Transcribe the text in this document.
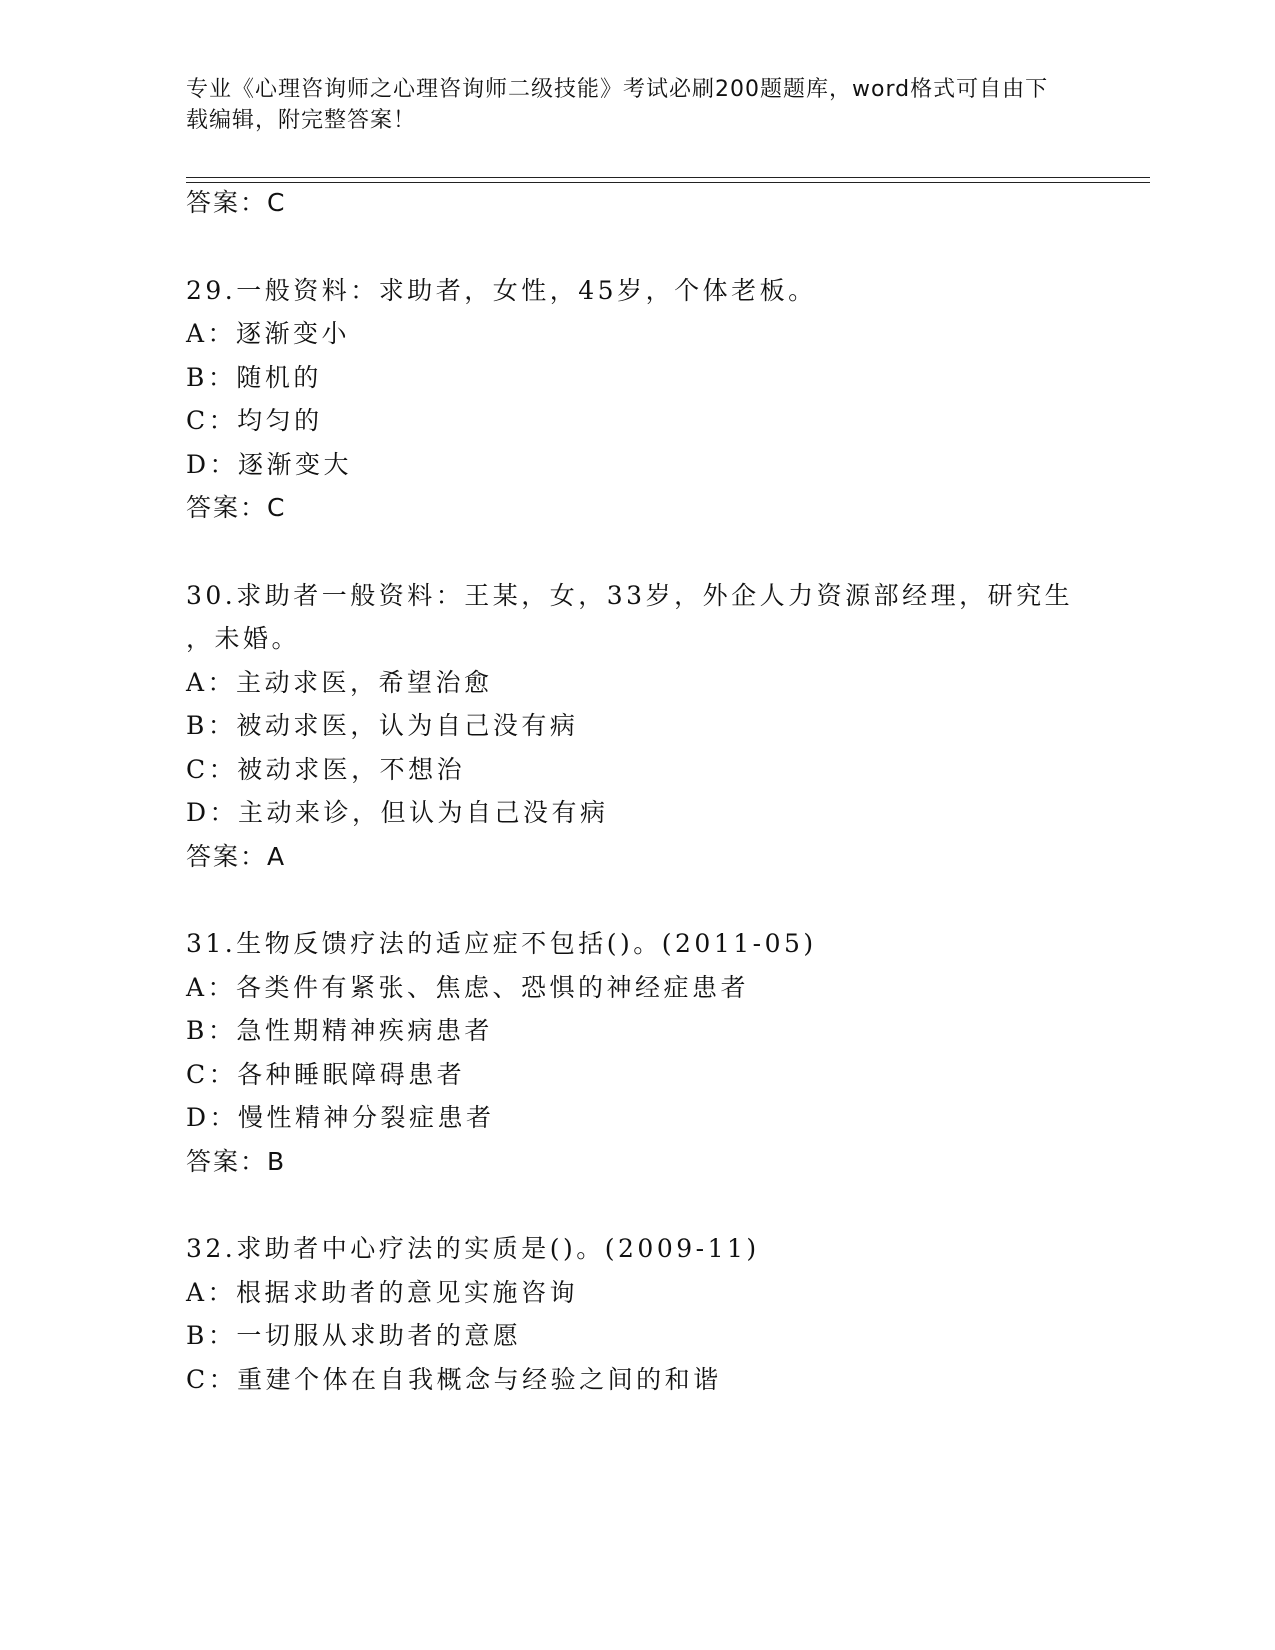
专业《心理咨询师之心理咨询师二级技能》考试必刷200题题库，word格式可自由下载编辑，附完整答案！
答案：C
29.一般资料：求助者，女性，45岁，个体老板。
A：逐渐变小
B：随机的
C：均匀的
D：逐渐变大
答案：C
30.求助者一般资料：王某，女，33岁，外企人力资源部经理，研究生
，未婚。
A：主动求医，希望治愈
B：被动求医，认为自己没有病
C：被动求医，不想治
D：主动来诊，但认为自己没有病
答案：A
31.生物反馈疗法的适应症不包括()。(2011-05)
A：各类件有紧张、焦虑、恐惧的神经症患者
B：急性期精神疾病患者
C：各种睡眠障碍患者
D：慢性精神分裂症患者
答案：B
32.求助者中心疗法的实质是()。(2009-11)
A：根据求助者的意见实施咨询
B：一切服从求助者的意愿
C：重建个体在自我概念与经验之间的和谐
